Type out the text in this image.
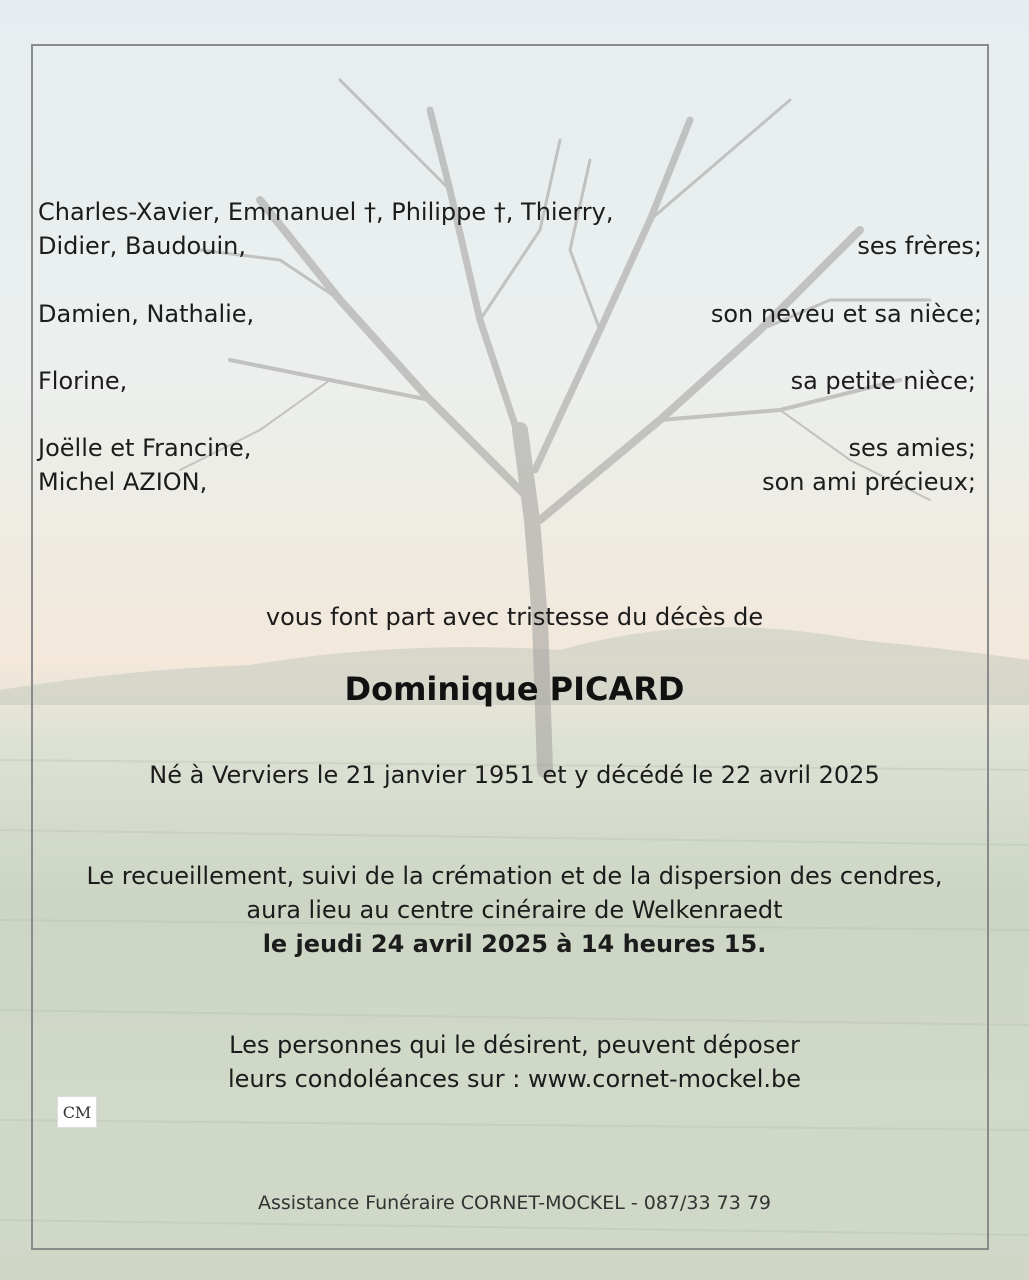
Charles-Xavier, Emmanuel †, Philippe †, Thierry,
Didier, Baudouin,	ses frères;
Damien, Nathalie,	son neveu et sa nièce;
Florine,	sa petite nièce;
Joëlle et Francine,	ses amies;
Michel AZION,	son ami précieux;
vous font part avec tristesse du décès de
Dominique PICARD
Né à Verviers le 21 janvier 1951 et y décédé le 22 avril 2025
Le recueillement, suivi de la crémation et de la dispersion des cendres,
aura lieu au centre cinéraire de Welkenraedt
le jeudi 24 avril 2025 à 14 heures 15.
Les personnes qui le désirent, peuvent déposer
leurs condoléances sur : www.cornet-mockel.be
CM
Assistance Funéraire CORNET-MOCKEL - 087/33 73 79
